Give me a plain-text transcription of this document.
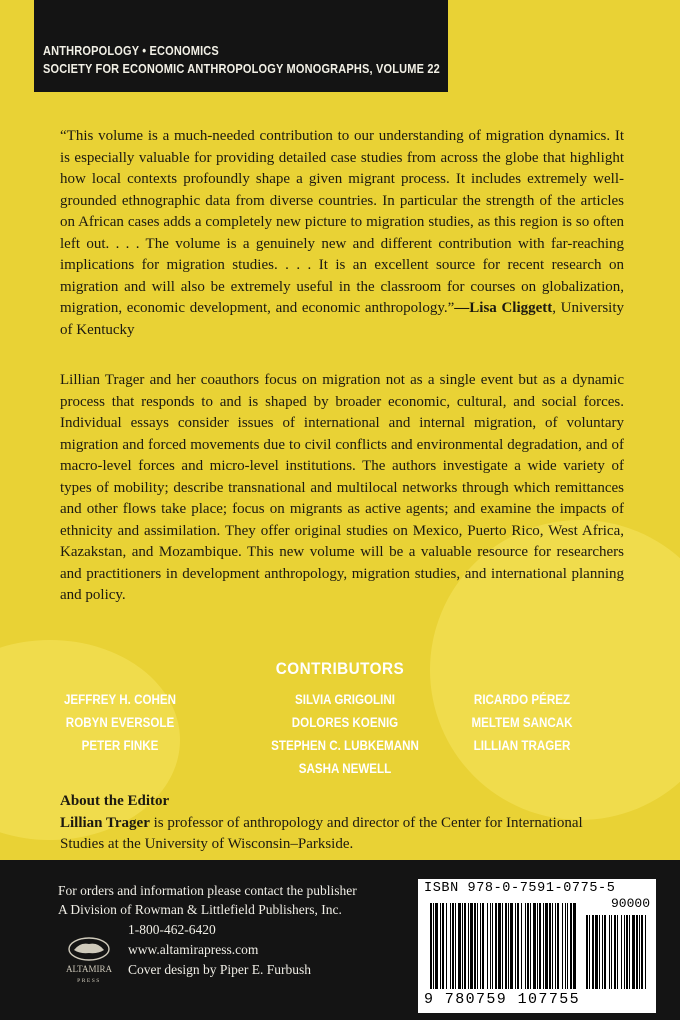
ANTHROPOLOGY • ECONOMICS
SOCIETY FOR ECONOMIC ANTHROPOLOGY MONOGRAPHS, VOLUME 22

“This volume is a much-needed contribution to our understanding of migration dynamics. It is especially valuable for providing detailed case studies from across the globe that highlight how local contexts profoundly shape a given migrant process. It includes extremely well-grounded ethnographic data from diverse countries. In particular the strength of the articles on African cases adds a completely new picture to migration studies, as this region is so often left out. . . . The volume is a genuinely new and different contribution with far-reaching implications for migration studies. . . . It is an excellent source for recent research on migration and will also be extremely useful in the classroom for courses on globalization, migration, economic development, and economic anthropology.”—Lisa Cliggett, University of Kentucky

Lillian Trager and her coauthors focus on migration not as a single event but as a dynamic process that responds to and is shaped by broader economic, cultural, and social forces. Individual essays consider issues of international and internal migration, of voluntary migration and forced movements due to civil conflicts and environmental degradation, and of macro-level forces and micro-level institutions. The authors investigate a wide variety of types of mobility; describe transnational and multilocal networks through which remittances and other flows take place; focus on migrants as active agents; and examine the impacts of ethnicity and assimilation. They offer original studies on Mexico, Puerto Rico, West Africa, Kazakstan, and Mozambique. This new volume will be a valuable resource for researchers and practitioners in development anthropology, migration studies, and international planning and policy.

CONTRIBUTORS
JEFFREY H. COHEN	SILVIA GRIGOLINI	RICARDO PÉREZ
ROBYN EVERSOLE	DOLORES KOENIG	MELTEM SANCAK
PETER FINKE	STEPHEN C. LUBKEMANN	LILLIAN TRAGER
SASHA NEWELL

About the Editor

Lillian Trager is professor of anthropology and director of the Center for International Studies at the University of Wisconsin–Parkside.

For orders and information please contact the publisher
A Division of Rowman & Littlefield Publishers, Inc.
1-800-462-6420
www.altamirapress.com
Cover design by Piper E. Furbush
ALTAMIRA
PRESS
ISBN 978-0-7591-0775-5
90000
9 780759 107755
